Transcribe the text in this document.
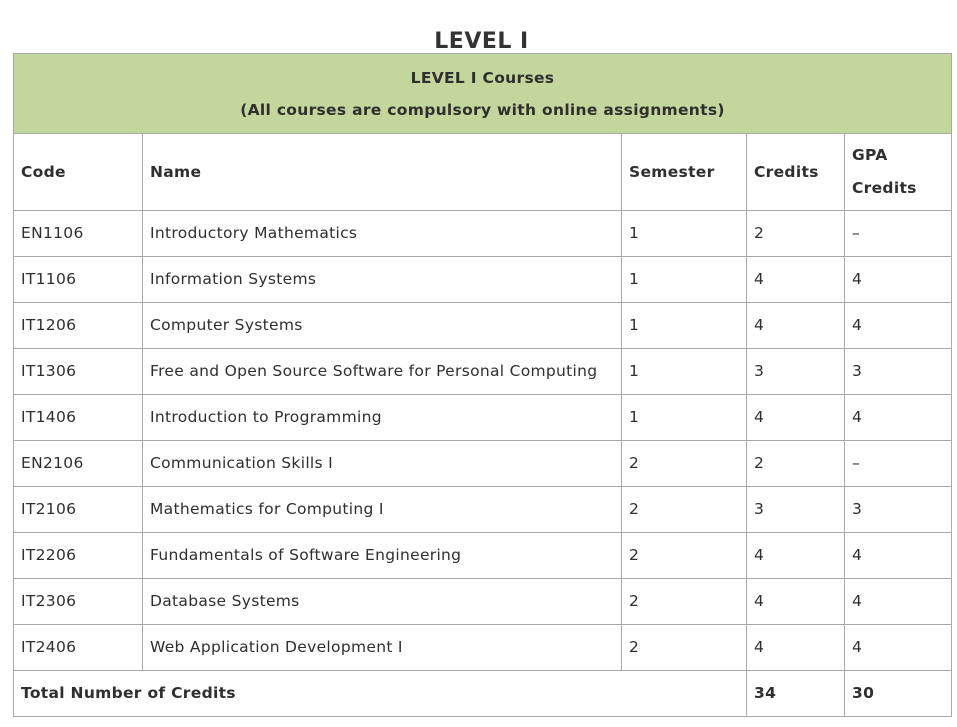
LEVEL I
LEVEL I Courses
(All courses are compulsory with online assignments)				

Code	Name	Semester	Credits	GPA
Credits

EN1106	Introductory Mathematics	1	2	–
IT1106	Information Systems	1	4	4
IT1206	Computer Systems	1	4	4
IT1306	Free and Open Source Software for Personal Computing	1	3	3
IT1406	Introduction to Programming	1	4	4
EN2106	Communication Skills I	2	2	–
IT2106	Mathematics for Computing I	2	3	3
IT2206	Fundamentals of Software Engineering	2	4	4
IT2306	Database Systems	2	4	4
IT2406	Web Application Development I	2	4	4
Total Number of Credits			34	30
